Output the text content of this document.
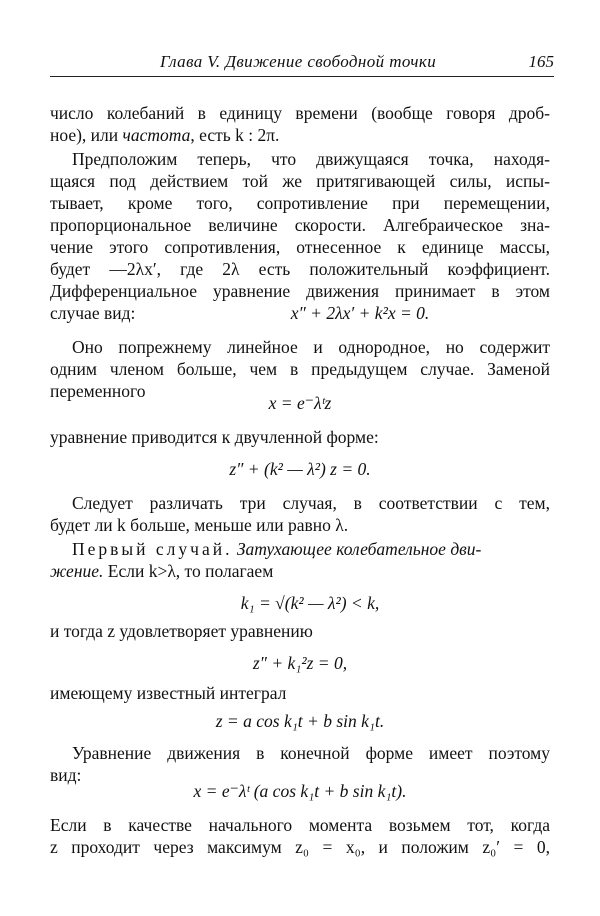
Глава V. Движение свободной точки	165
число колебаний в единицу времени (вообще говоря дроб-
ное), или частота, есть k : 2π.
Предположим теперь, что движущаяся точка, находя-
щаяся под действием той же притягивающей силы, испы-
тывает, кроме того, сопротивление при перемещении,
пропорциональное величине скорости. Алгебраическое зна-
чение этого сопротивления, отнесенное к единице массы,
будет —2λx′, где 2λ есть положительный коэффициент.
Дифференциальное уравнение движения принимает в этом
случае вид:	x″ + 2λx′ + k²x = 0.
Оно попрежнему линейное и однородное, но содержит
одним членом больше, чем в предыдущем случае. Заменой
переменного
x = e⁻λᵗz
уравнение приводится к двучленной форме:
z″ + (k² — λ²) z = 0.
Следует различать три случая, в соответствии с тем,
будет ли k больше, меньше или равно λ.
Первый случай. Затухающее колебательное дви-
жение. Если k>λ, то полагаем
k₁ = √(k² — λ²) < k,
и тогда z удовлетворяет уравнению
z″ + k₁²z = 0,
имеющему известный интеграл
z = a cos k₁t + b sin k₁t.
Уравнение движения в конечной форме имеет поэтому
вид:
x = e⁻λᵗ (a cos k₁t + b sin k₁t).
Если в качестве начального момента возьмем тот, когда
z проходит через максимум z₀ = x₀, и положим z₀′ = 0,
